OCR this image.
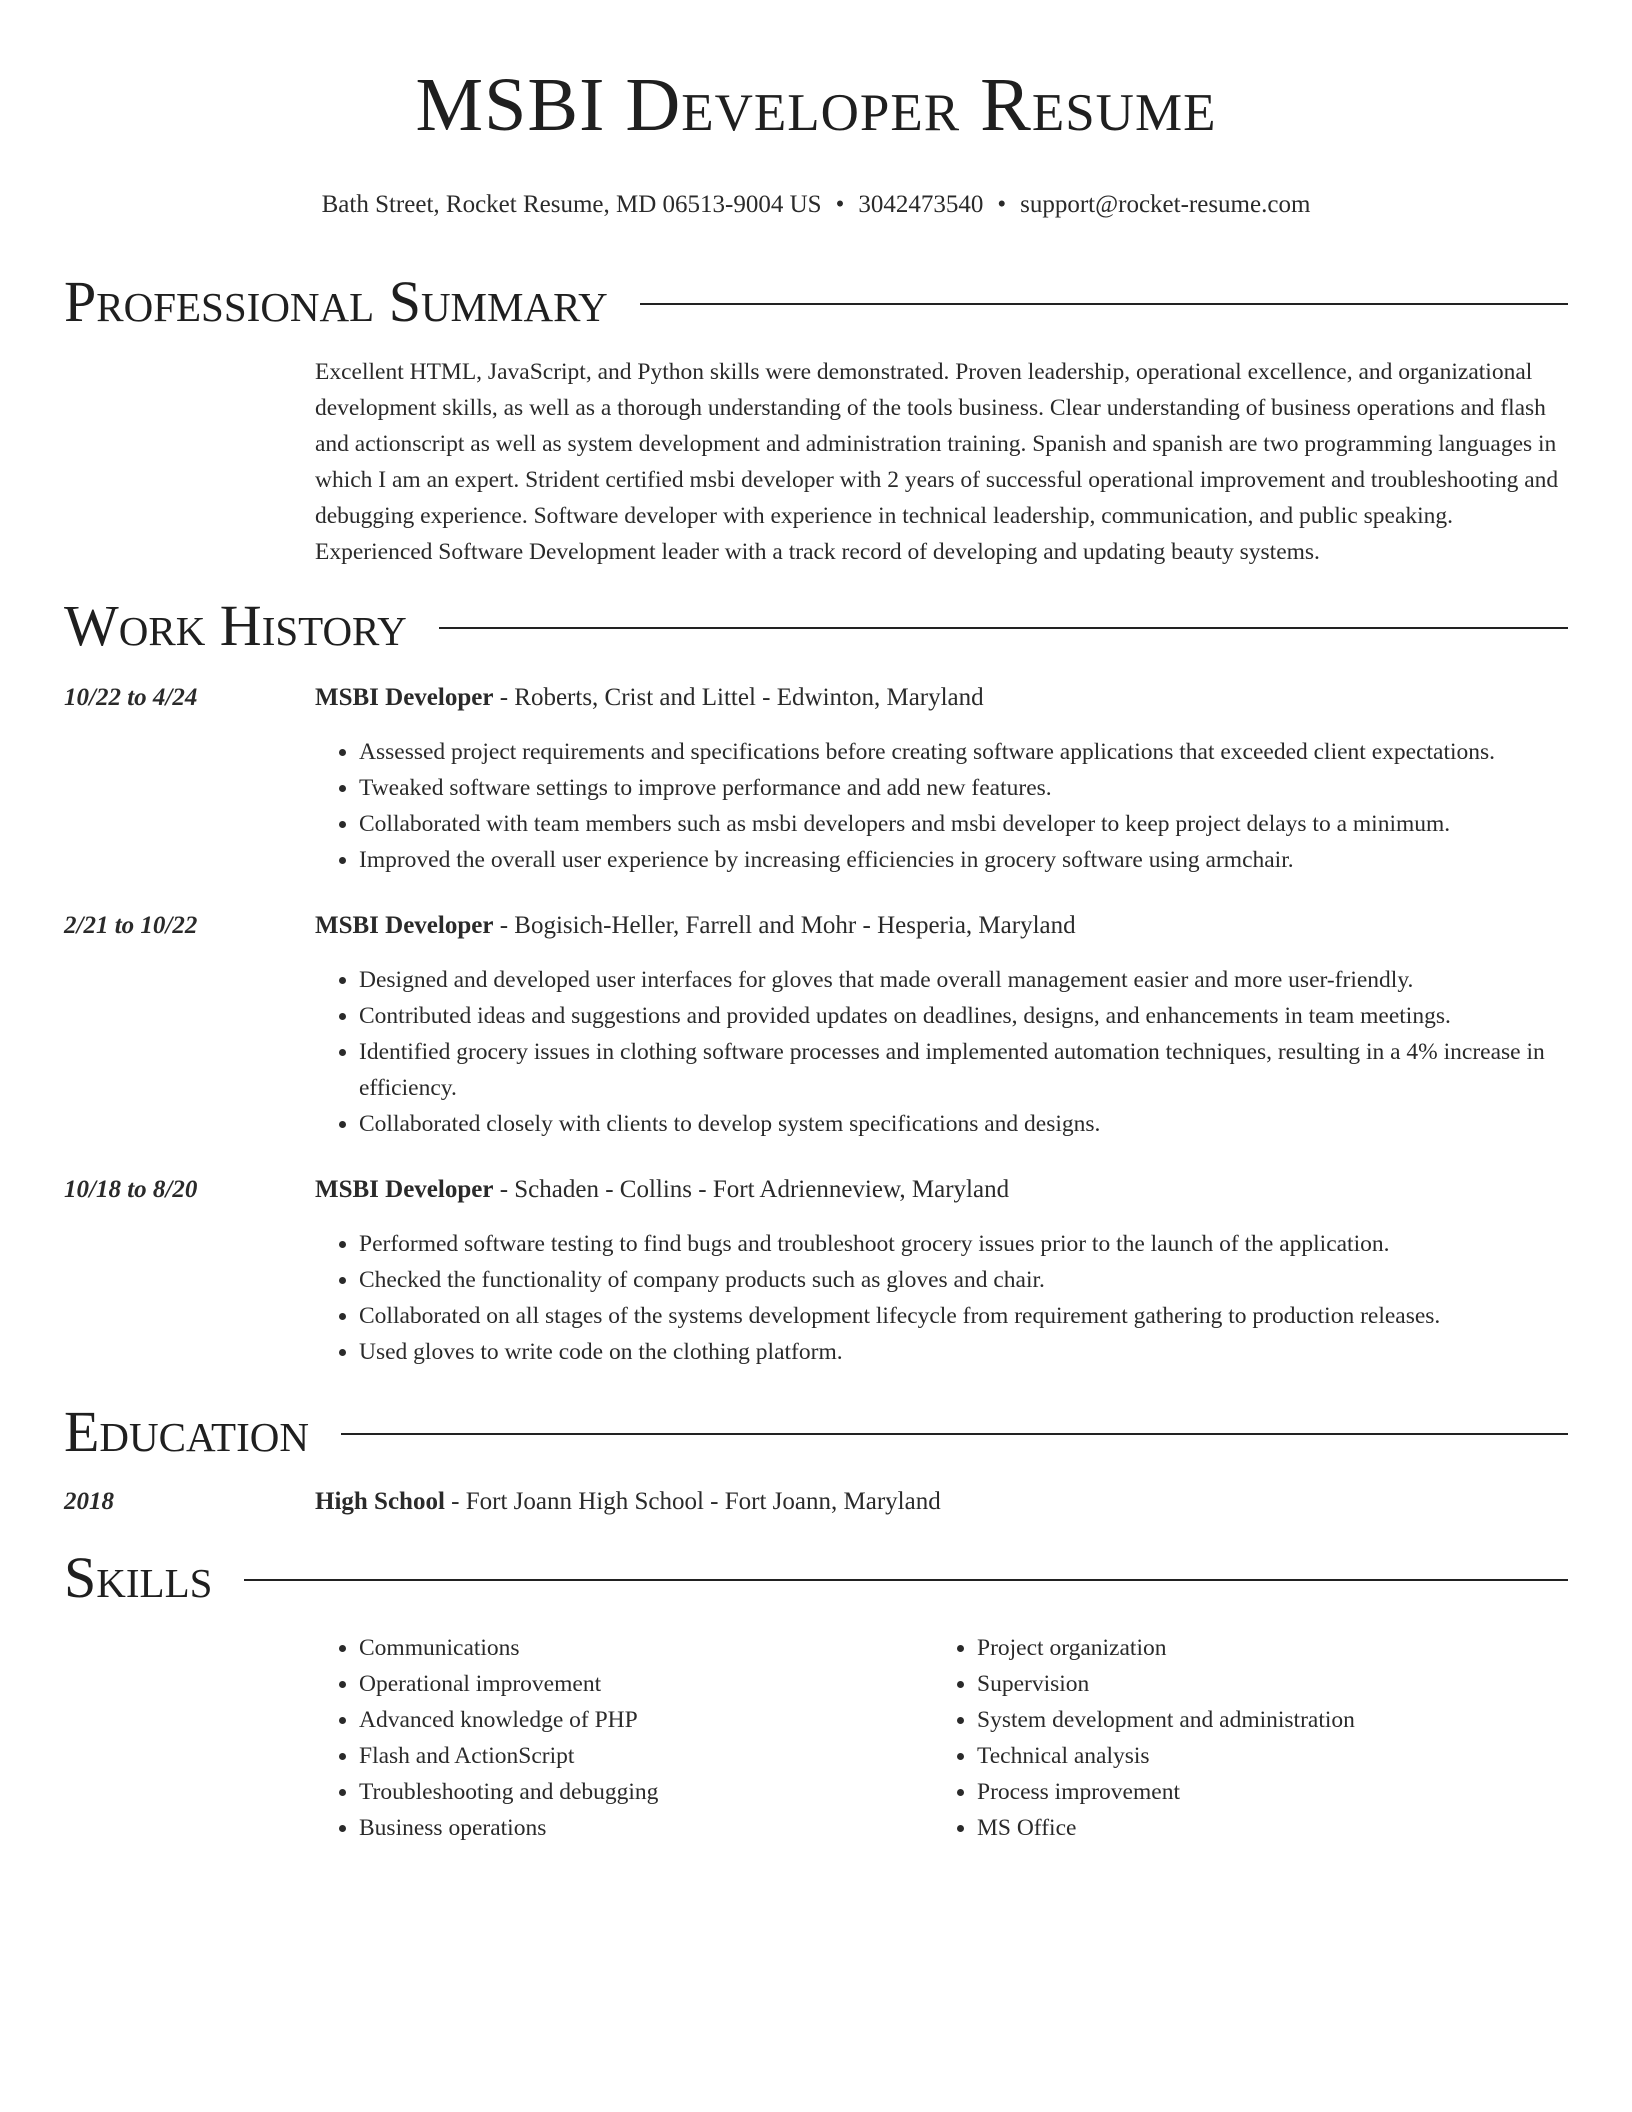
MSBI Developer Resume
Bath Street, Rocket Resume, MD 06513-9004 US • 3042473540 • support@rocket-resume.com
Professional Summary

Excellent HTML, JavaScript, and Python skills were demonstrated. Proven leadership, operational excellence, and organizational development skills, as well as a thorough understanding of the tools business. Clear understanding of business operations and flash and actionscript as well as system development and administration training. Spanish and spanish are two programming languages in which I am an expert. Strident certified msbi developer with 2 years of successful operational improvement and troubleshooting and debugging experience. Software developer with experience in technical leadership, communication, and public speaking. Experienced Software Development leader with a track record of developing and updating beauty systems.

Work History
10/22 to 4/24	MSBI Developer - Roberts, Crist and Littel - Edwinton, Maryland
• Assessed project requirements and specifications before creating software applications that exceeded client expectations.
• Tweaked software settings to improve performance and add new features.
• Collaborated with team members such as msbi developers and msbi developer to keep project delays to a minimum.
• Improved the overall user experience by increasing efficiencies in grocery software using armchair.
2/21 to 10/22	MSBI Developer - Bogisich-Heller, Farrell and Mohr - Hesperia, Maryland
• Designed and developed user interfaces for gloves that made overall management easier and more user-friendly.
• Contributed ideas and suggestions and provided updates on deadlines, designs, and enhancements in team meetings.
• Identified grocery issues in clothing software processes and implemented automation techniques, resulting in a 4% increase in efficiency.
• Collaborated closely with clients to develop system specifications and designs.
10/18 to 8/20	MSBI Developer - Schaden - Collins - Fort Adrienneview, Maryland
• Performed software testing to find bugs and troubleshoot grocery issues prior to the launch of the application.
• Checked the functionality of company products such as gloves and chair.
• Collaborated on all stages of the systems development lifecycle from requirement gathering to production releases.
• Used gloves to write code on the clothing platform.
Education
2018	High School - Fort Joann High School - Fort Joann, Maryland
Skills
• Communications
• Operational improvement
• Advanced knowledge of PHP
• Flash and ActionScript
• Troubleshooting and debugging
• Business operations
• Project organization
• Supervision
• System development and administration
• Technical analysis
• Process improvement
• MS Office
